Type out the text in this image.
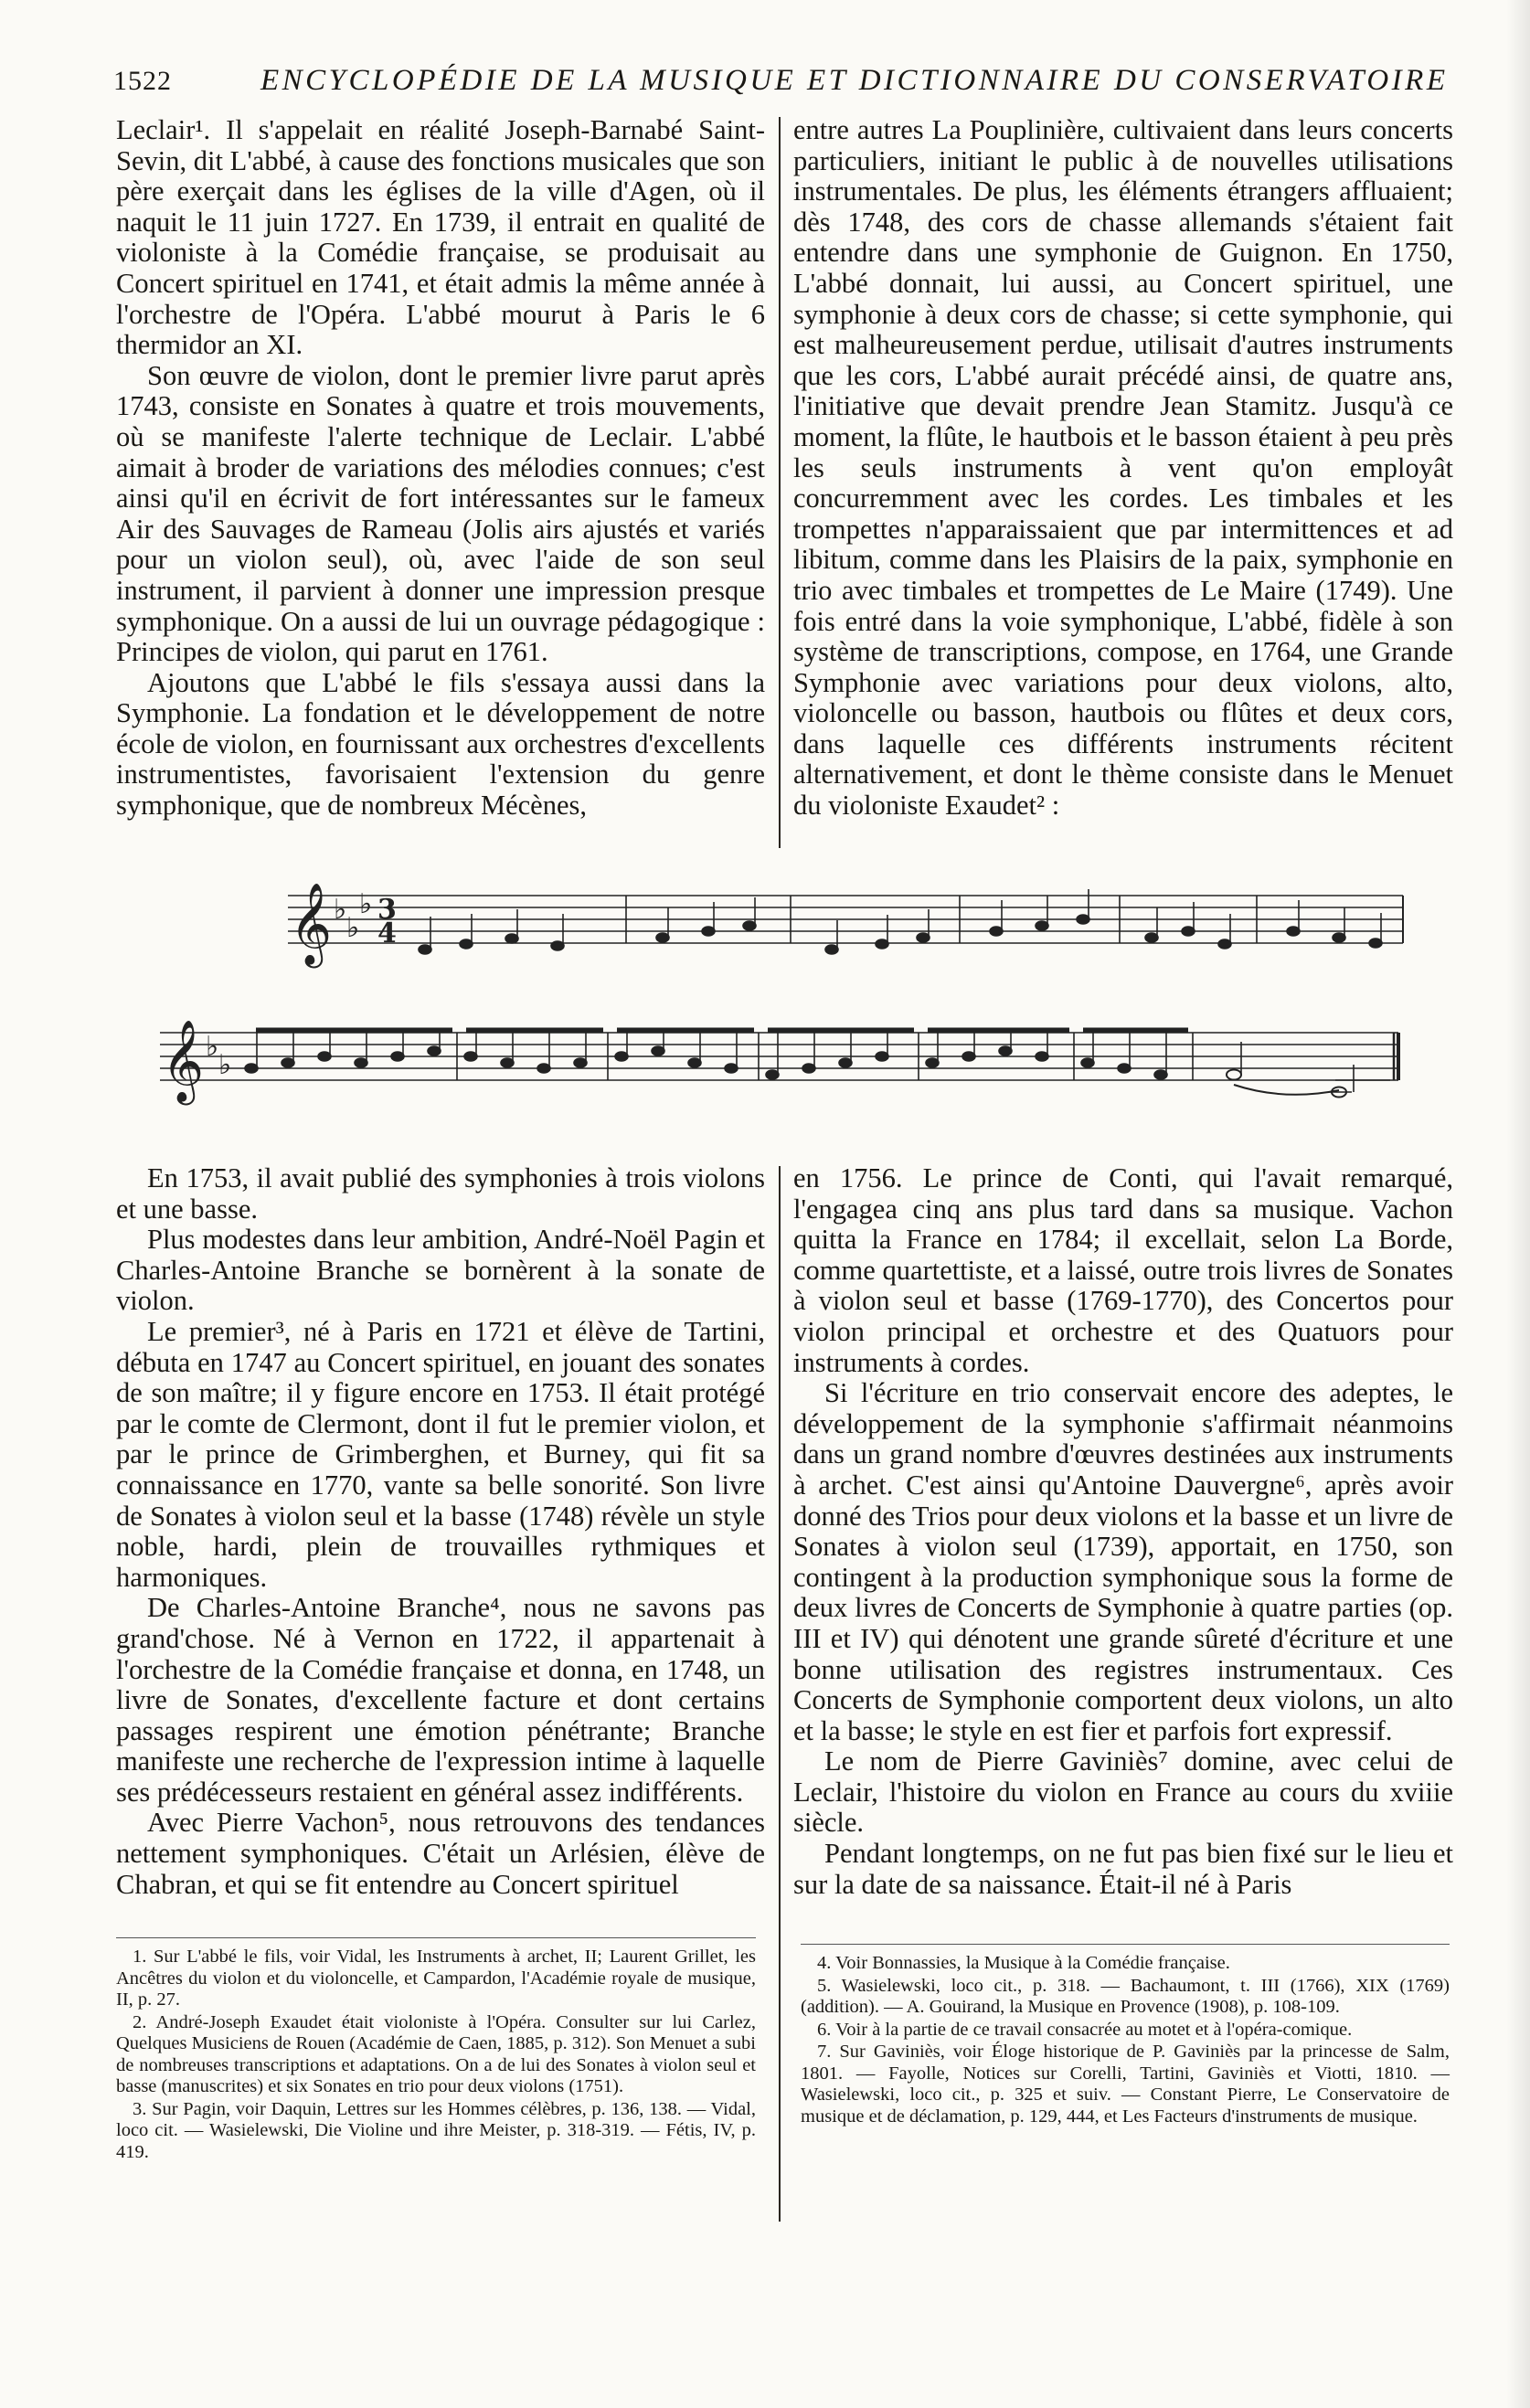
1522	ENCYCLOPÉDIE DE LA MUSIQUE ET DICTIONNAIRE DU CONSERVATOIRE

Leclair¹. Il s'appelait en réalité Joseph-Barnabé Saint-Sevin, dit L'abbé, à cause des fonctions musicales que son père exerçait dans les églises de la ville d'Agen, où il naquit le 11 juin 1727. En 1739, il entrait en qualité de violoniste à la Comédie française, se produisait au Concert spirituel en 1741, et était admis la même année à l'orchestre de l'Opéra. L'abbé mourut à Paris le 6 thermidor an XI.

Son œuvre de violon, dont le premier livre parut après 1743, consiste en Sonates à quatre et trois mouvements, où se manifeste l'alerte technique de Leclair. L'abbé aimait à broder de variations des mélodies connues; c'est ainsi qu'il en écrivit de fort intéressantes sur le fameux Air des Sauvages de Rameau (Jolis airs ajustés et variés pour un violon seul), où, avec l'aide de son seul instrument, il parvient à donner une impression presque symphonique. On a aussi de lui un ouvrage pédagogique : Principes de violon, qui parut en 1761.

Ajoutons que L'abbé le fils s'essaya aussi dans la Symphonie. La fondation et le développement de notre école de violon, en fournissant aux orchestres d'excellents instrumentistes, favorisaient l'extension du genre symphonique, que de nombreux Mécènes,

entre autres La Pouplinière, cultivaient dans leurs concerts particuliers, initiant le public à de nouvelles utilisations instrumentales. De plus, les éléments étrangers affluaient; dès 1748, des cors de chasse allemands s'étaient fait entendre dans une symphonie de Guignon. En 1750, L'abbé donnait, lui aussi, au Concert spirituel, une symphonie à deux cors de chasse; si cette symphonie, qui est malheureusement perdue, utilisait d'autres instruments que les cors, L'abbé aurait précédé ainsi, de quatre ans, l'initiative que devait prendre Jean Stamitz. Jusqu'à ce moment, la flûte, le hautbois et le basson étaient à peu près les seuls instruments à vent qu'on employât concurremment avec les cordes. Les timbales et les trompettes n'apparaissaient que par intermittences et ad libitum, comme dans les Plaisirs de la paix, symphonie en trio avec timbales et trompettes de Le Maire (1749). Une fois entré dans la voie symphonique, L'abbé, fidèle à son système de transcriptions, compose, en 1764, une Grande Symphonie avec variations pour deux violons, alto, violoncelle ou basson, hautbois ou flûtes et deux cors, dans laquelle ces différents instruments récitent alternativement, et dont le thème consiste dans le Menuet du violoniste Exaudet² :

𝄞 ♭
♭
♭ 3
4
𝄞 ♭
♭

En 1753, il avait publié des symphonies à trois violons et une basse.

Plus modestes dans leur ambition, André-Noël Pagin et Charles-Antoine Branche se bornèrent à la sonate de violon.

Le premier³, né à Paris en 1721 et élève de Tartini, débuta en 1747 au Concert spirituel, en jouant des sonates de son maître; il y figure encore en 1753. Il était protégé par le comte de Clermont, dont il fut le premier violon, et par le prince de Grimberghen, et Burney, qui fit sa connaissance en 1770, vante sa belle sonorité. Son livre de Sonates à violon seul et la basse (1748) révèle un style noble, hardi, plein de trouvailles rythmiques et harmoniques.

De Charles-Antoine Branche⁴, nous ne savons pas grand'chose. Né à Vernon en 1722, il appartenait à l'orchestre de la Comédie française et donna, en 1748, un livre de Sonates, d'excellente facture et dont certains passages respirent une émotion pénétrante; Branche manifeste une recherche de l'expression intime à laquelle ses prédécesseurs restaient en général assez indifférents.

Avec Pierre Vachon⁵, nous retrouvons des tendances nettement symphoniques. C'était un Arlésien, élève de Chabran, et qui se fit entendre au Concert spirituel

en 1756. Le prince de Conti, qui l'avait remarqué, l'engagea cinq ans plus tard dans sa musique. Vachon quitta la France en 1784; il excellait, selon La Borde, comme quartettiste, et a laissé, outre trois livres de Sonates à violon seul et basse (1769-1770), des Concertos pour violon principal et orchestre et des Quatuors pour instruments à cordes.

Si l'écriture en trio conservait encore des adeptes, le développement de la symphonie s'affirmait néanmoins dans un grand nombre d'œuvres destinées aux instruments à archet. C'est ainsi qu'Antoine Dauvergne⁶, après avoir donné des Trios pour deux violons et la basse et un livre de Sonates à violon seul (1739), apportait, en 1750, son contingent à la production symphonique sous la forme de deux livres de Concerts de Symphonie à quatre parties (op. III et IV) qui dénotent une grande sûreté d'écriture et une bonne utilisation des registres instrumentaux. Ces Concerts de Symphonie comportent deux violons, un alto et la basse; le style en est fier et parfois fort expressif.

Le nom de Pierre Gaviniès⁷ domine, avec celui de Leclair, l'histoire du violon en France au cours du xviiie siècle.

Pendant longtemps, on ne fut pas bien fixé sur le lieu et sur la date de sa naissance. Était-il né à Paris

1. Sur L'abbé le fils, voir Vidal, les Instruments à archet, II; Laurent Grillet, les Ancêtres du violon et du violoncelle, et Campardon, l'Académie royale de musique, II, p. 27.

2. André-Joseph Exaudet était violoniste à l'Opéra. Consulter sur lui Carlez, Quelques Musiciens de Rouen (Académie de Caen, 1885, p. 312). Son Menuet a subi de nombreuses transcriptions et adaptations. On a de lui des Sonates à violon seul et basse (manuscrites) et six Sonates en trio pour deux violons (1751).

3. Sur Pagin, voir Daquin, Lettres sur les Hommes célèbres, p. 136, 138. — Vidal, loco cit. — Wasielewski, Die Violine und ihre Meister, p. 318-319. — Fétis, IV, p. 419.

4. Voir Bonnassies, la Musique à la Comédie française.

5. Wasielewski, loco cit., p. 318. — Bachaumont, t. III (1766), XIX (1769) (addition). — A. Gouirand, la Musique en Provence (1908), p. 108-109.

6. Voir à la partie de ce travail consacrée au motet et à l'opéra-comique.

7. Sur Gaviniès, voir Éloge historique de P. Gaviniès par la princesse de Salm, 1801. — Fayolle, Notices sur Corelli, Tartini, Gaviniès et Viotti, 1810. — Wasielewski, loco cit., p. 325 et suiv. — Constant Pierre, Le Conservatoire de musique et de déclamation, p. 129, 444, et Les Facteurs d'instruments de musique.
